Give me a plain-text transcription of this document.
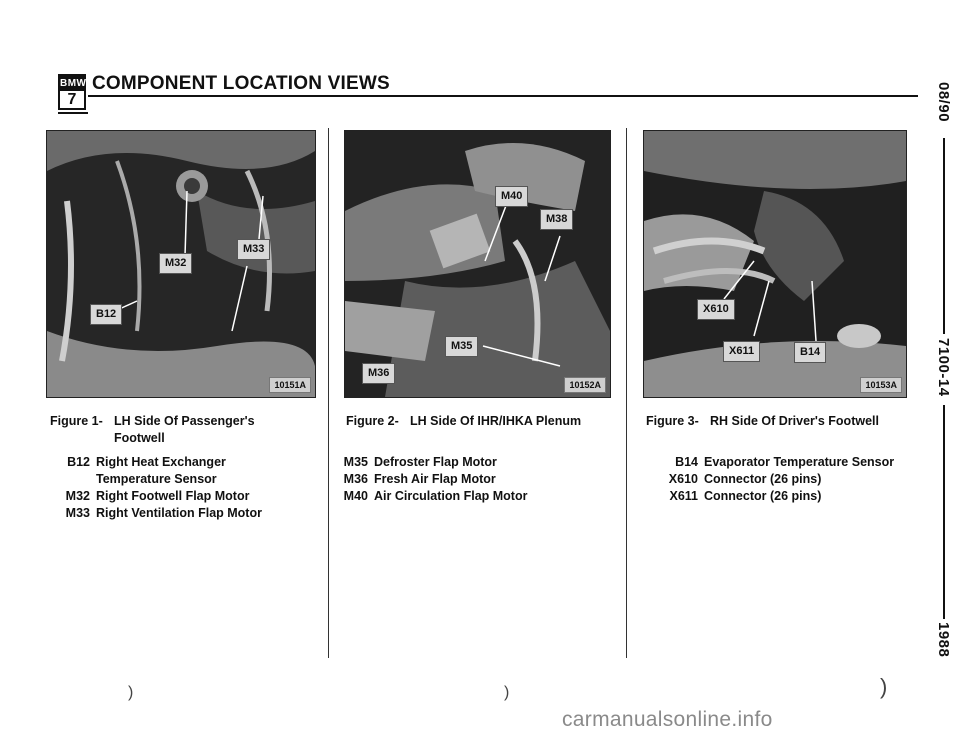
BMW
7
COMPONENT LOCATION VIEWS
M32
M33
B12
10151A
M40
M38
M35
M36
10152A
X610
X611	B14
10153A
Figure 1- LH Side Of Passenger's
Footwell
B12 Right Heat Exchanger
Temperature Sensor
M32 Right Footwell Flap Motor
M33 Right Ventilation Flap Motor
Figure 2- LH Side Of IHR/IHKA Plenum
M35 Defroster Flap Motor
M36 Fresh Air Flap Motor
M40 Air Circulation Flap Motor
Figure 3- RH Side Of Driver's Footwell
B14 Evaporator Temperature Sensor
X610 Connector (26 pins)
X611 Connector (26 pins)
08/90
7100-14
1988
)	)	)
carmanualsonline.info
